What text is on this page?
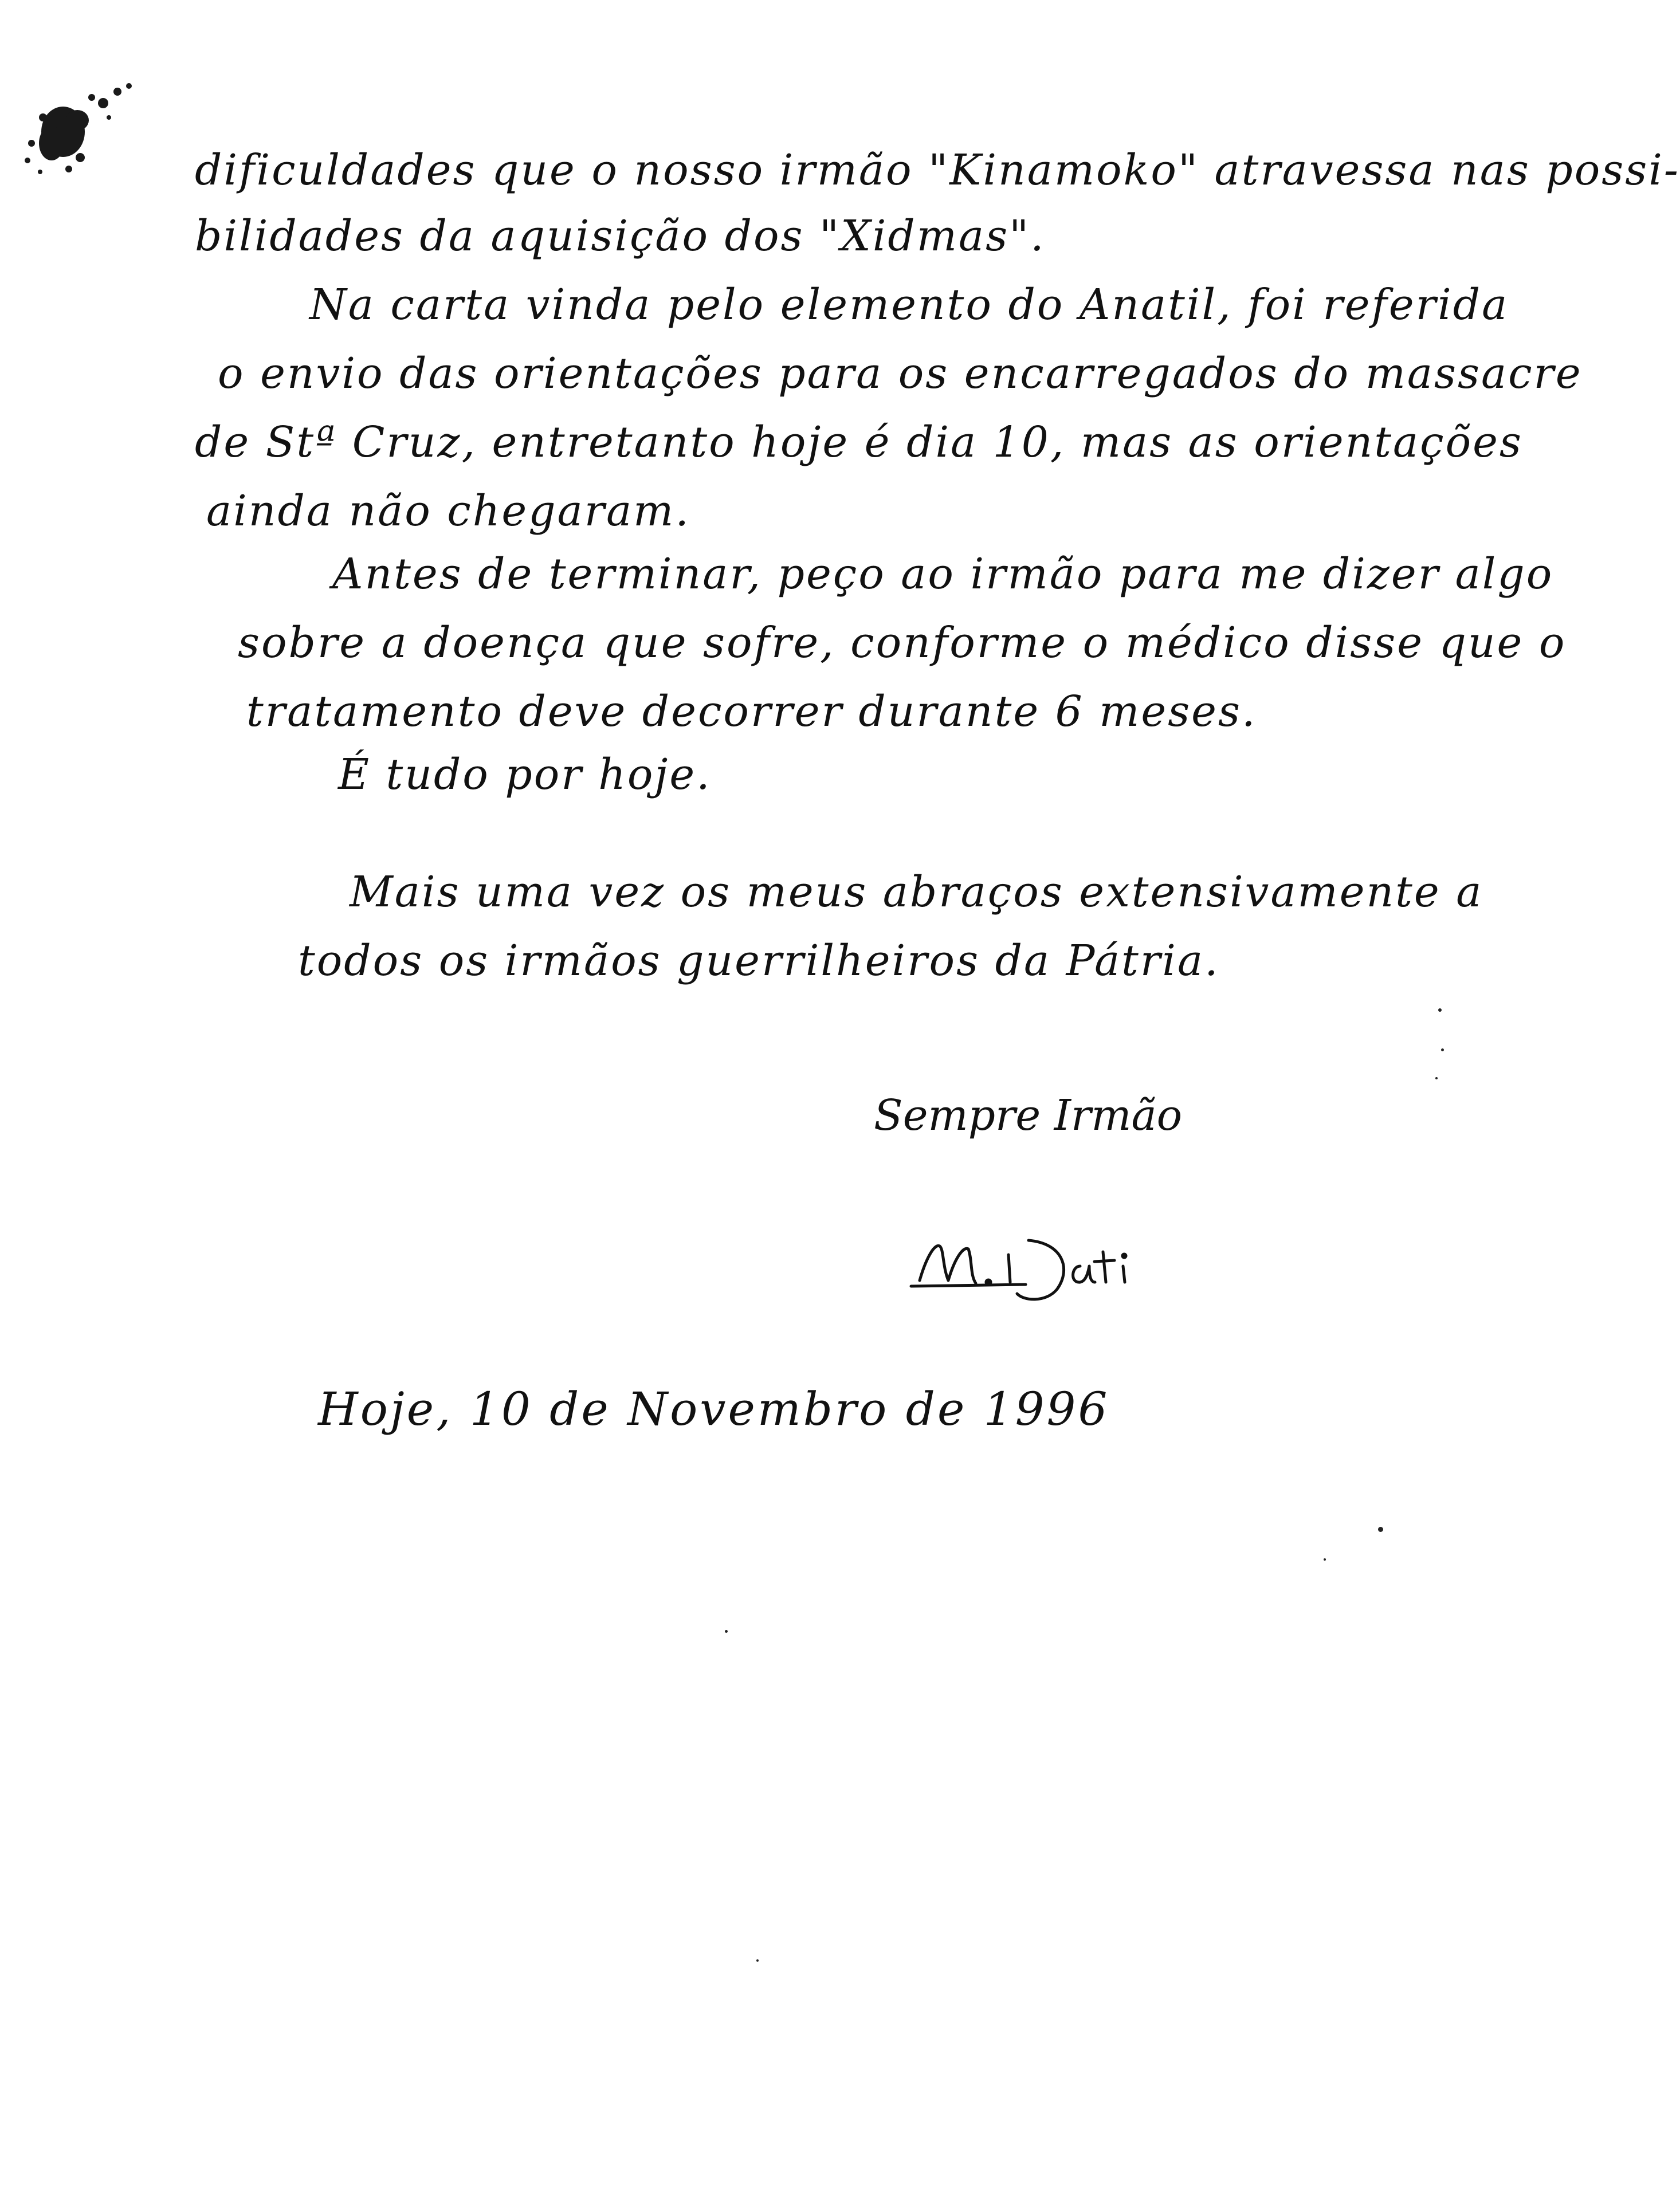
dificuldades que o nosso irmão "Kinamoko" atravessa nas possi-
bilidades da aquisição dos "Xidmas".
Na carta vinda pelo elemento do Anatil, foi referida
o envio das orientações para os encarregados do massacre
de Stª Cruz, entretanto hoje é dia 10, mas as orientações
ainda não chegaram.
Antes de terminar, peço ao irmão para me dizer algo
sobre a doença que sofre, conforme o médico disse que o
tratamento deve decorrer durante 6 meses.
É tudo por hoje.
Mais uma vez os meus abraços extensivamente a
todos os irmãos guerrilheiros da Pátria.
Sempre Irmão
Hoje, 10 de Novembro de 1996
